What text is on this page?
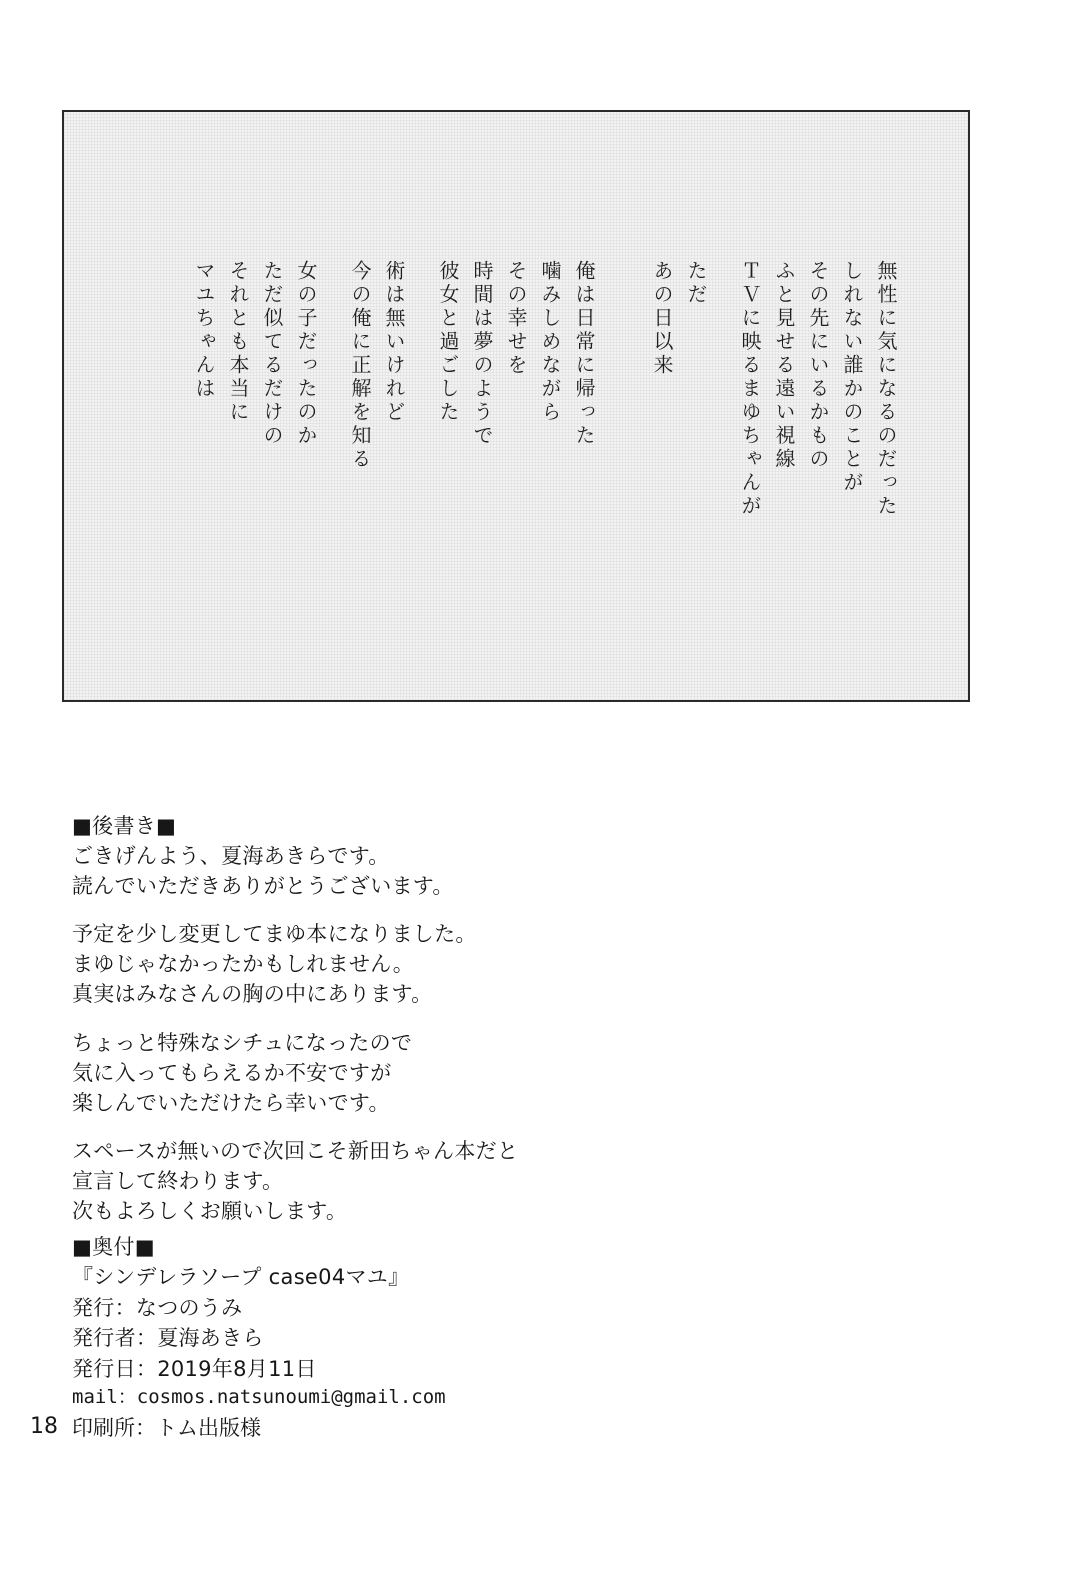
マユちゃんは それとも本当に ただ似てるだけの 女の子だったのか 今の俺に正解を知る 術は無いけれど 彼女と過ごした 時間は夢のようで その幸せを 噛みしめながら 俺は日常に帰った	あの日以来 ただ ＴＶに映るまゆちゃんが ふと見せる遠い視線 その先にいるかもの しれない誰かのことが 無性に気になるのだった
■後書き■
ごきげんよう、夏海あきらです。
読んでいただきありがとうございます。
予定を少し変更してまゆ本になりました。
まゆじゃなかったかもしれません。
真実はみなさんの胸の中にあります。
ちょっと特殊なシチュになったので
気に入ってもらえるか不安ですが
楽しんでいただけたら幸いです。
スペースが無いので次回こそ新田ちゃん本だと
宣言して終わります。
次もよろしくお願いします。
■奥付■
『シンデレラソープ case04マユ』
発行：なつのうみ
発行者：夏海あきら
発行日：2019年8月11日
mail：cosmos.natsunoumi@gmail.com
印刷所：トム出版様
18
